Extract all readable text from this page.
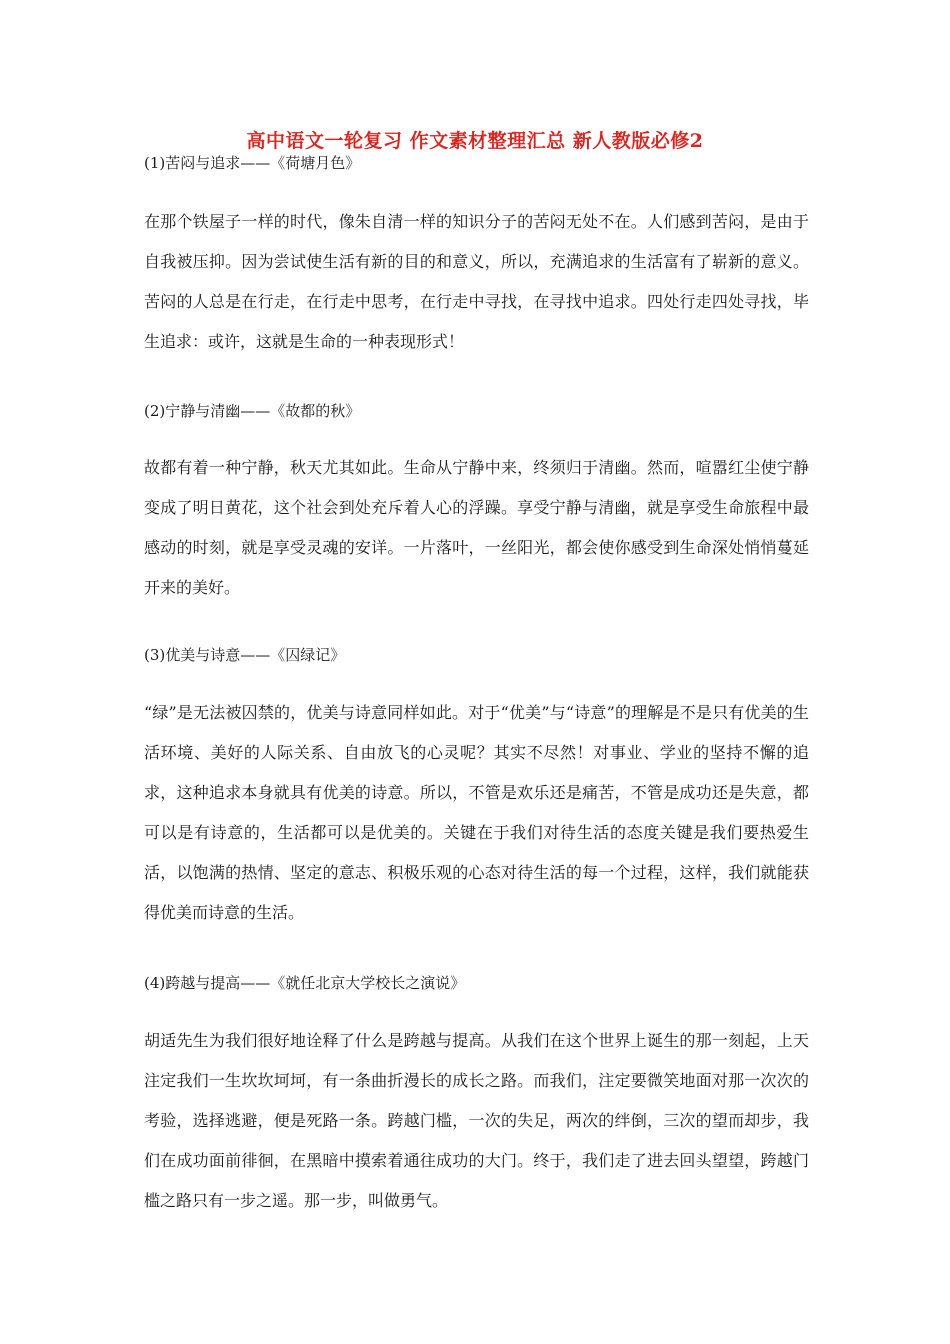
高中语文一轮复习 作文素材整理汇总 新人教版必修2
(1)苦闷与追求——《荷塘月色》
在那个铁屋子一样的时代，像朱自清一样的知识分子的苦闷无处不在。人们感到苦闷，是由于自我被压抑。因为尝试使生活有新的目的和意义，所以，充满追求的生活富有了崭新的意义。苦闷的人总是在行走，在行走中思考，在行走中寻找，在寻找中追求。四处行走四处寻找，毕生追求：或许，这就是生命的一种表现形式！
(2)宁静与清幽——《故都的秋》
故都有着一种宁静，秋天尤其如此。生命从宁静中来，终须归于清幽。然而，喧嚣红尘使宁静变成了明日黄花，这个社会到处充斥着人心的浮躁。享受宁静与清幽，就是享受生命旅程中最感动的时刻，就是享受灵魂的安详。一片落叶，一丝阳光，都会使你感受到生命深处悄悄蔓延开来的美好。
(3)优美与诗意——《囚绿记》
“绿”是无法被囚禁的，优美与诗意同样如此。对于“优美”与“诗意”的理解是不是只有优美的生活环境、美好的人际关系、自由放飞的心灵呢？其实不尽然！对事业、学业的坚持不懈的追求，这种追求本身就具有优美的诗意。所以，不管是欢乐还是痛苦，不管是成功还是失意，都可以是有诗意的，生活都可以是优美的。关键在于我们对待生活的态度关键是我们要热爱生活，以饱满的热情、坚定的意志、积极乐观的心态对待生活的每一个过程，这样，我们就能获得优美而诗意的生活。
(4)跨越与提高——《就任北京大学校长之演说》
胡适先生为我们很好地诠释了什么是跨越与提高。从我们在这个世界上诞生的那一刻起，上天注定我们一生坎坎坷坷，有一条曲折漫长的成长之路。而我们，注定要微笑地面对那一次次的考验，选择逃避，便是死路一条。跨越门槛，一次的失足，两次的绊倒，三次的望而却步，我们在成功面前徘徊，在黑暗中摸索着通往成功的大门。终于，我们走了进去回头望望，跨越门槛之路只有一步之遥。那一步，叫做勇气。
